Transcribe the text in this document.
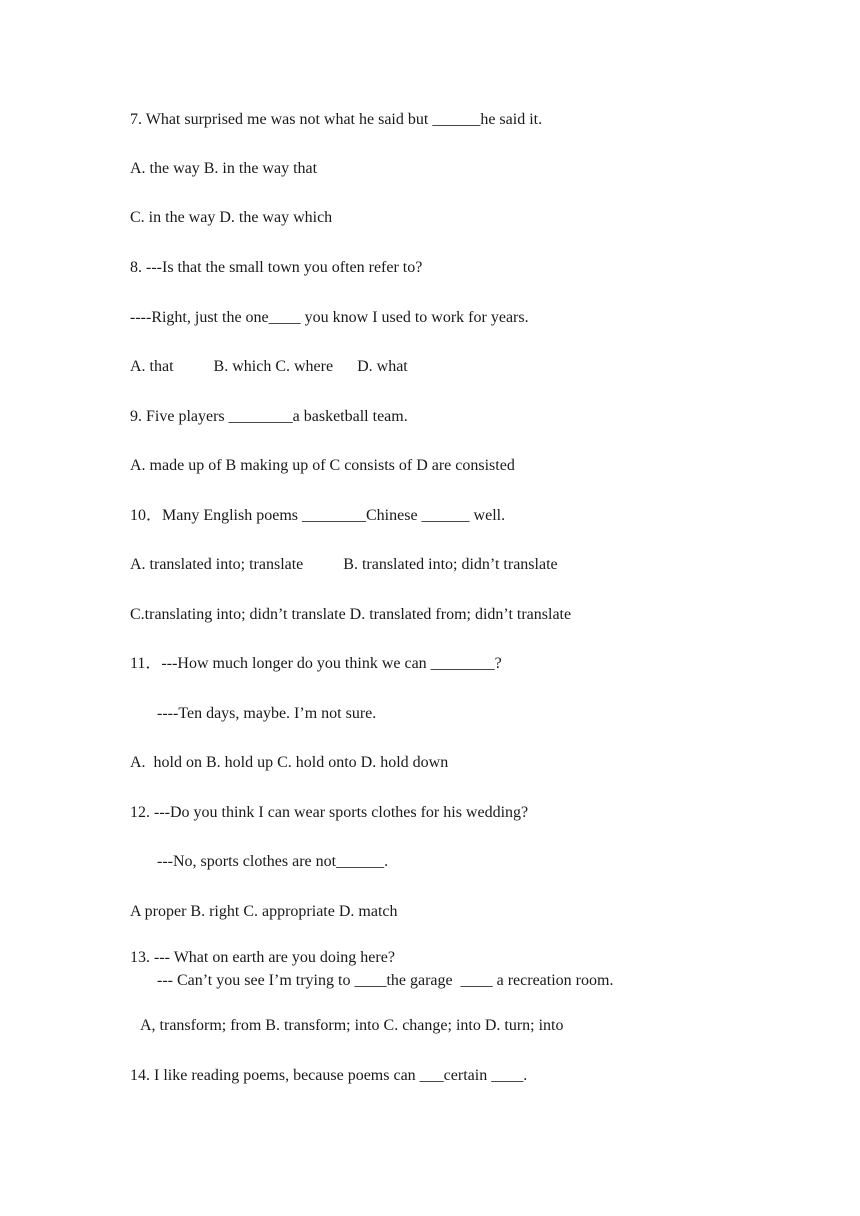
7. What surprised me was not what he said but ______he said it.
A. the way B. in the way that
C. in the way D. the way which
8. ---Is that the small town you often refer to?
----Right, just the one____ you know I used to work for years.
A. that          B. which C. where      D. what
9. Five players ________a basketball team.
A. made up of B making up of C consists of D are consisted
10．Many English poems ________Chinese ______ well.
A. translated into; translate          B. translated into; didn’t translate
C.translating into; didn’t translate D. translated from; didn’t translate
11．---How much longer do you think we can ________?
----Ten days, maybe. I’m not sure.
A.  hold on B. hold up C. hold onto D. hold down
12. ---Do you think I can wear sports clothes for his wedding?
---No, sports clothes are not______.
A proper B. right C. appropriate D. match
13. --- What on earth are you doing here?
--- Can’t you see I’m trying to ____the garage  ____ a recreation room.
A, transform; from B. transform; into C. change; into D. turn; into
14. I like reading poems, because poems can ___certain ____.
